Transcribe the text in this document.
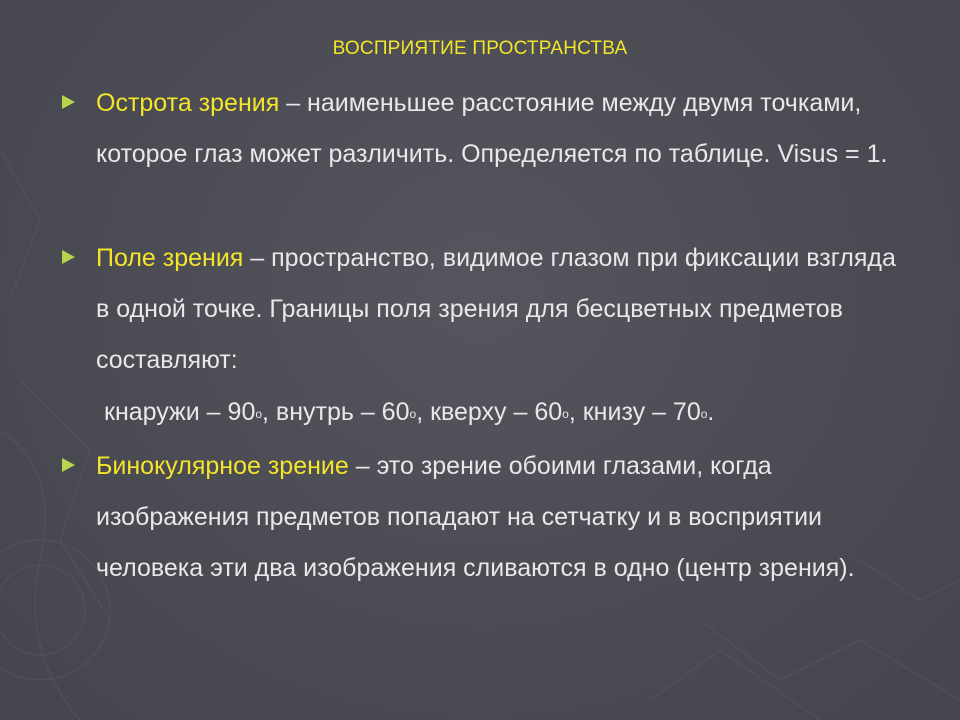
ВОСПРИЯТИЕ ПРОСТРАНСТВА
Острота зрения – наименьшее расстояние между двумя точками, которое глаз может различить. Определяется по таблице. Visus = 1.
Поле зрения – пространство, видимое глазом при фиксации взгляда в одной точке. Границы поля зрения для бесцветных предметов составляют:
кнаружи – $90^о$, внутрь – $60^о$, кверху – $60^о$, книзу – $70^о$.
Бинокулярное зрение – это зрение обоими глазами, когда изображения предметов попадают на сетчатку и в восприятии человека эти два изображения сливаются в одно (центр зрения).
